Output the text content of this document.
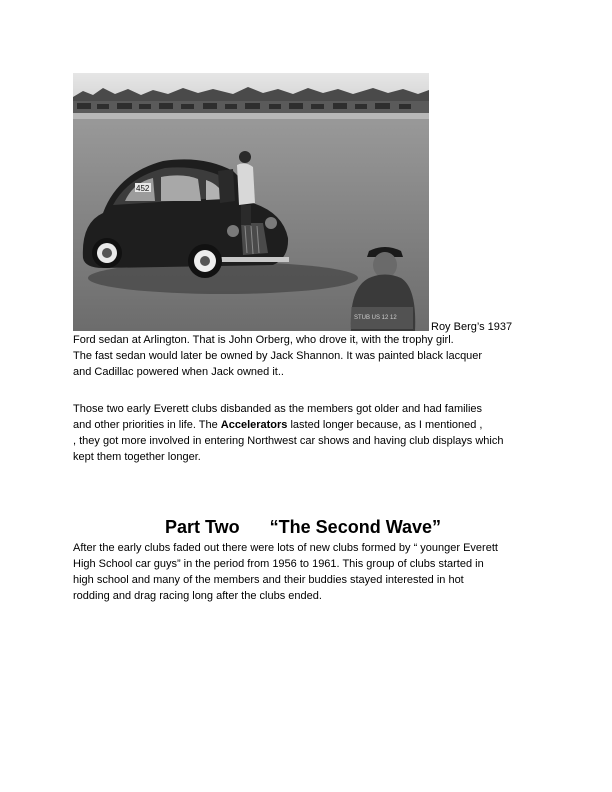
452
STUB US 12 12
Roy Berg’s 1937
Ford sedan at Arlington. That is John Orberg, who drove it, with the trophy girl.
The fast sedan would later be owned by Jack Shannon. It was painted black lacquer
and Cadillac powered when Jack owned it..
Those two early Everett clubs disbanded as the members got older and had families
and other priorities in life. The Accelerators lasted longer because, as I mentioned ,
, they got more involved in entering Northwest car shows and having club displays which
kept them together longer.
Part Two “The Second Wave”
After the early clubs faded out there were lots of new clubs formed by “ younger Everett
High School car guys” in the period from 1956 to 1961. This group of clubs started in
high school and many of the members and their buddies stayed interested in hot
rodding and drag racing long after the clubs ended.
